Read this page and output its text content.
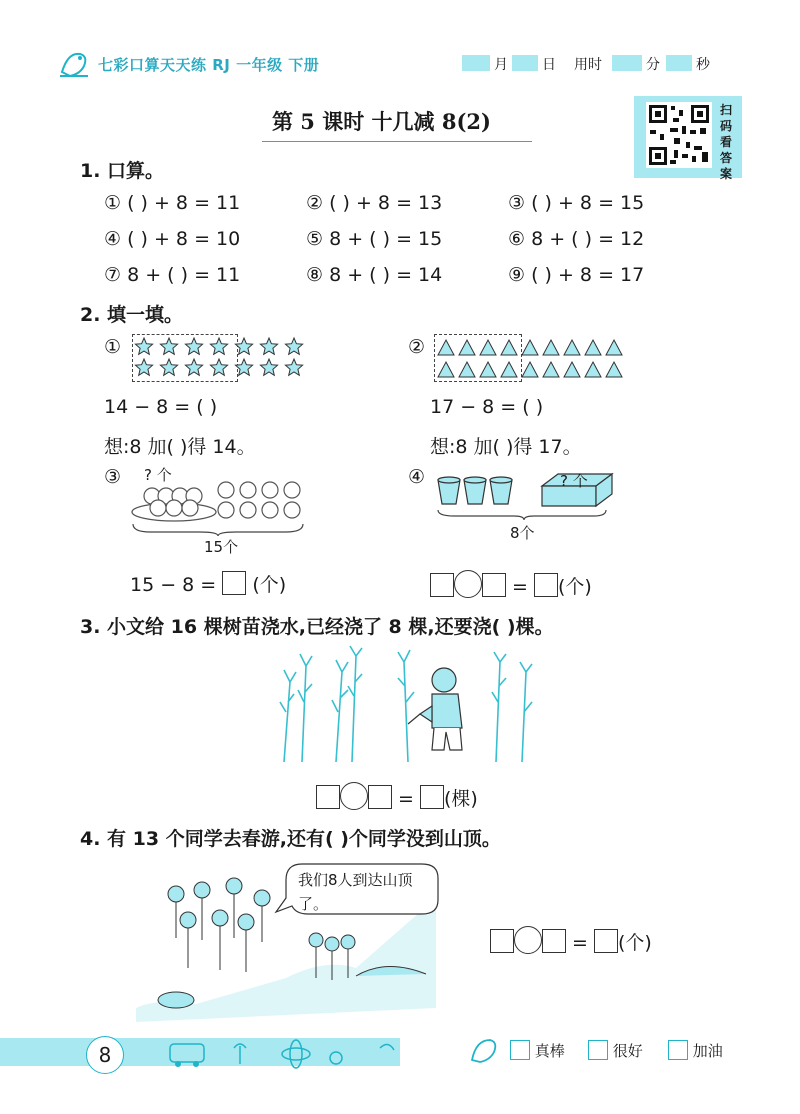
七彩口算天天练 RJ 一年级 下册	月 日 用时	分	秒
第 5 课时 十几减 8(2)	扫码看答案
1. 口算。
① ( ) + 8 = 11	② ( ) + 8 = 13	③ ( ) + 8 = 15
④ ( ) + 8 = 10	⑤ 8 + ( ) = 15	⑥ 8 + ( ) = 12
⑦ 8 + ( ) = 11	⑧ 8 + ( ) = 14	⑨ ( ) + 8 = 17
2. 填一填。
①
14 − 8 = ( )
想:8 加( )得 14。
②
17 − 8 = ( )
想:8 加( )得 17。
③ ? 个
15个
15 − 8 = (个)
④	? 个
8个
= (个)
3. 小文给 16 棵树苗浇水,已经浇了 8 棵,还要浇( )棵。
= (棵)
4. 有 13 个同学去春游,还有( )个同学没到山顶。
我们8人到达山顶了。
= (个)
8	真棒	很好	加油
